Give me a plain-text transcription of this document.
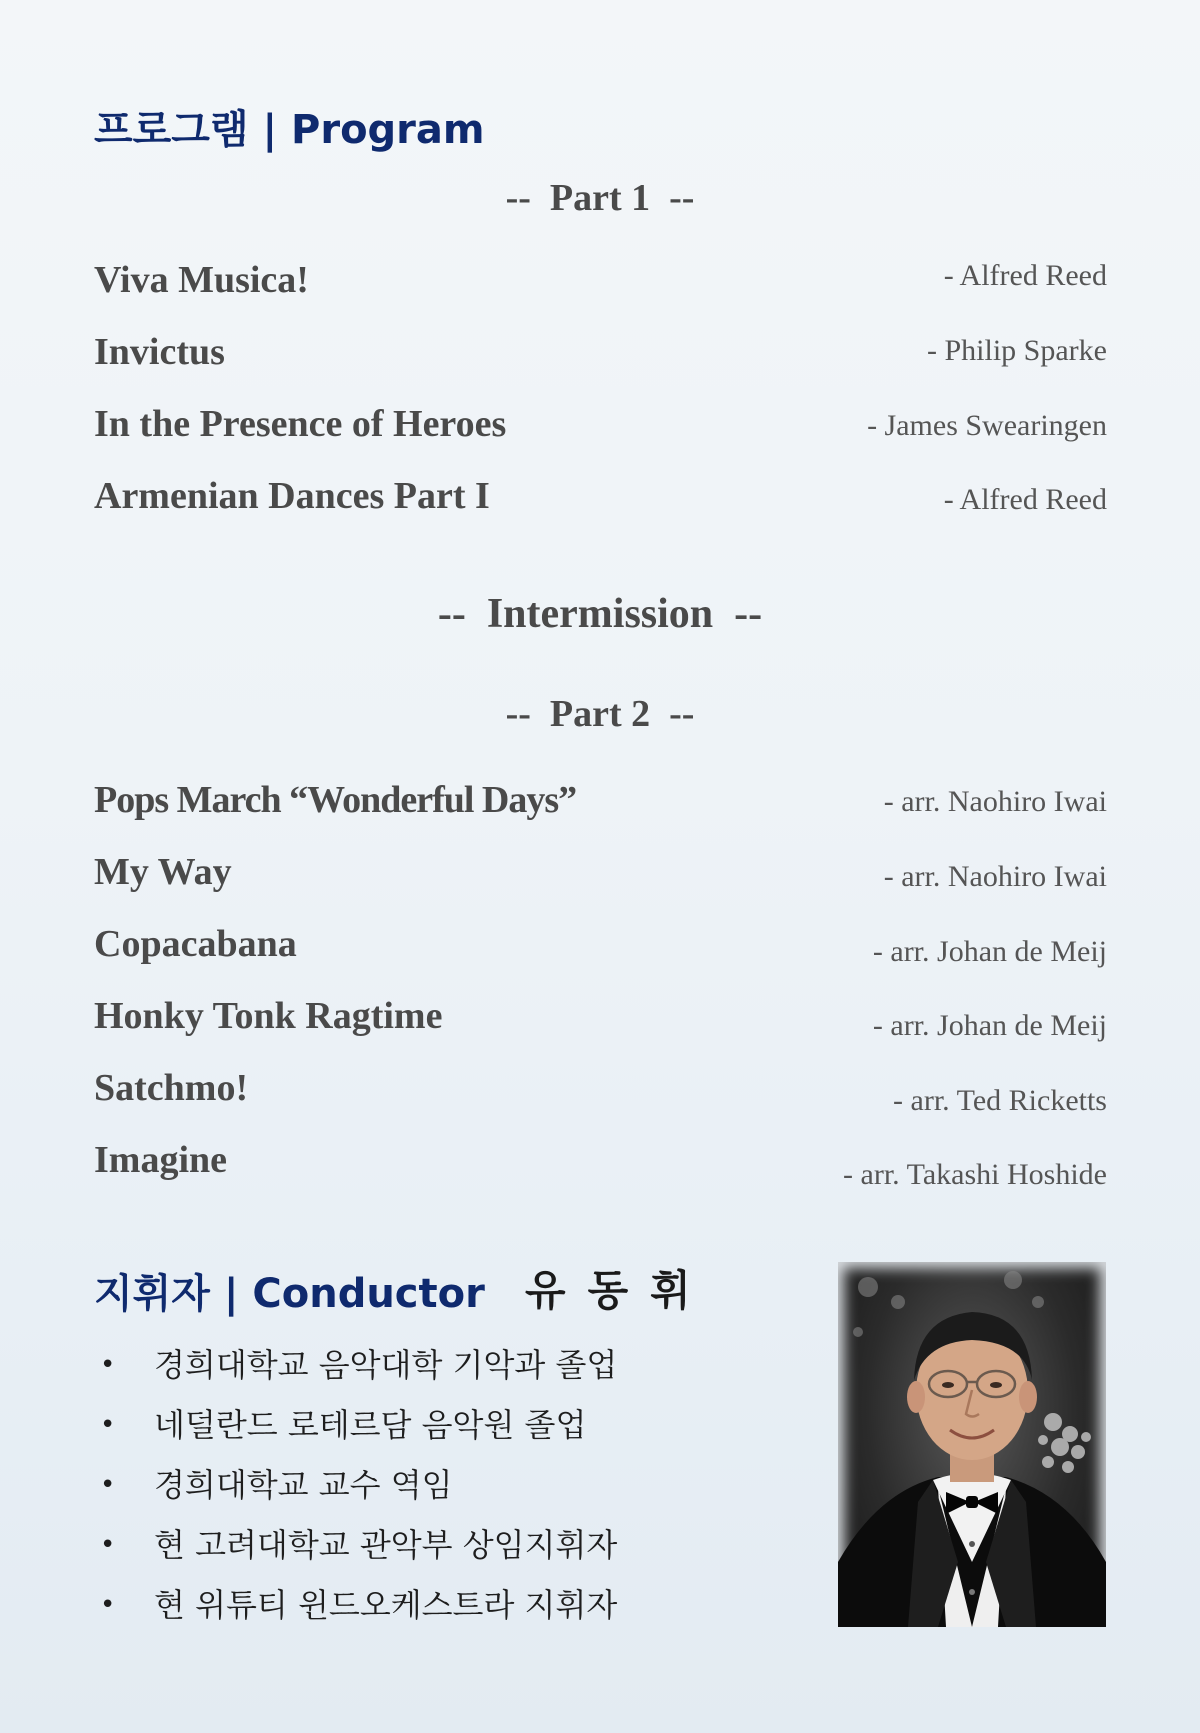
프로그램 | Program
--  Part 1  --
Viva Musica!	- Alfred Reed
Invictus	- Philip Sparke
In the Presence of Heroes	- James Swearingen
Armenian Dances Part I	- Alfred Reed
--  Intermission  --
--  Part 2  --
Pops March “Wonderful Days”	- arr. Naohiro Iwai
My Way	- arr. Naohiro Iwai
Copacabana	- arr. Johan de Meij
Honky Tonk Ragtime	- arr. Johan de Meij
Satchmo!	- arr. Ted Ricketts
Imagine	- arr. Takashi Hoshide
지휘자 | Conductor 유동휘
• 경희대학교 음악대학 기악과 졸업
• 네덜란드 로테르담 음악원 졸업
• 경희대학교 교수 역임
• 현 고려대학교 관악부 상임지휘자
• 현 위튜티 윈드오케스트라 지휘자
